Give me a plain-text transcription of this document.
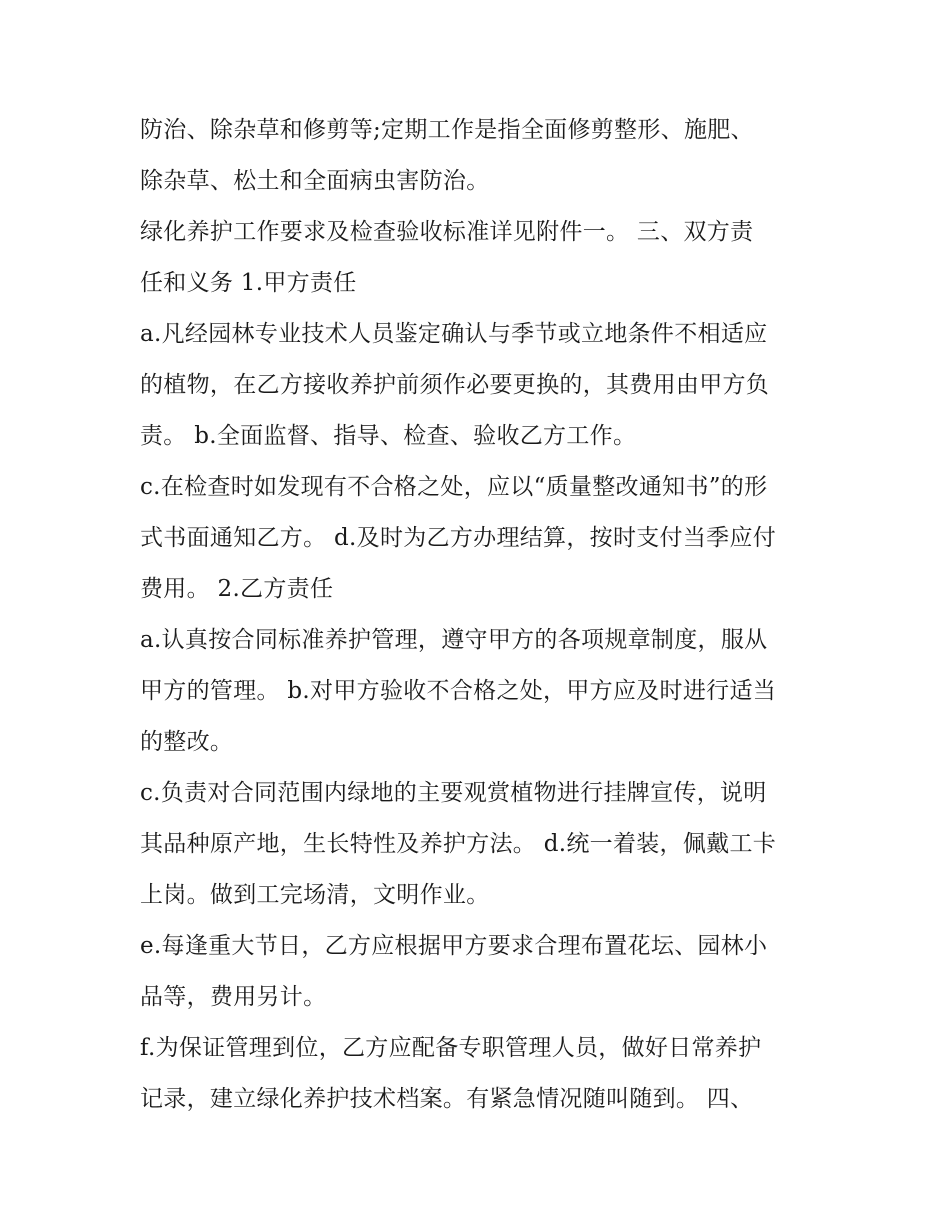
防治、除杂草和修剪等;定期工作是指全面修剪整形、施肥、
除杂草、松土和全面病虫害防治。
绿化养护工作要求及检查验收标准详见附件一。 三、双方责
任和义务 1.甲方责任
a.凡经园林专业技术人员鉴定确认与季节或立地条件不相适应
的植物，在乙方接收养护前须作必要更换的，其费用由甲方负
责。 b.全面监督、指导、检查、验收乙方工作。
c.在检查时如发现有不合格之处，应以“质量整改通知书”的形
式书面通知乙方。 d.及时为乙方办理结算，按时支付当季应付
费用。 2.乙方责任
a.认真按合同标准养护管理，遵守甲方的各项规章制度，服从
甲方的管理。 b.对甲方验收不合格之处，甲方应及时进行适当
的整改。
c.负责对合同范围内绿地的主要观赏植物进行挂牌宣传，说明
其品种原产地，生长特性及养护方法。 d.统一着装，佩戴工卡
上岗。做到工完场清，文明作业。
e.每逢重大节日，乙方应根据甲方要求合理布置花坛、园林小
品等，费用另计。
f.为保证管理到位，乙方应配备专职管理人员，做好日常养护
记录，建立绿化养护技术档案。有紧急情况随叫随到。 四、
